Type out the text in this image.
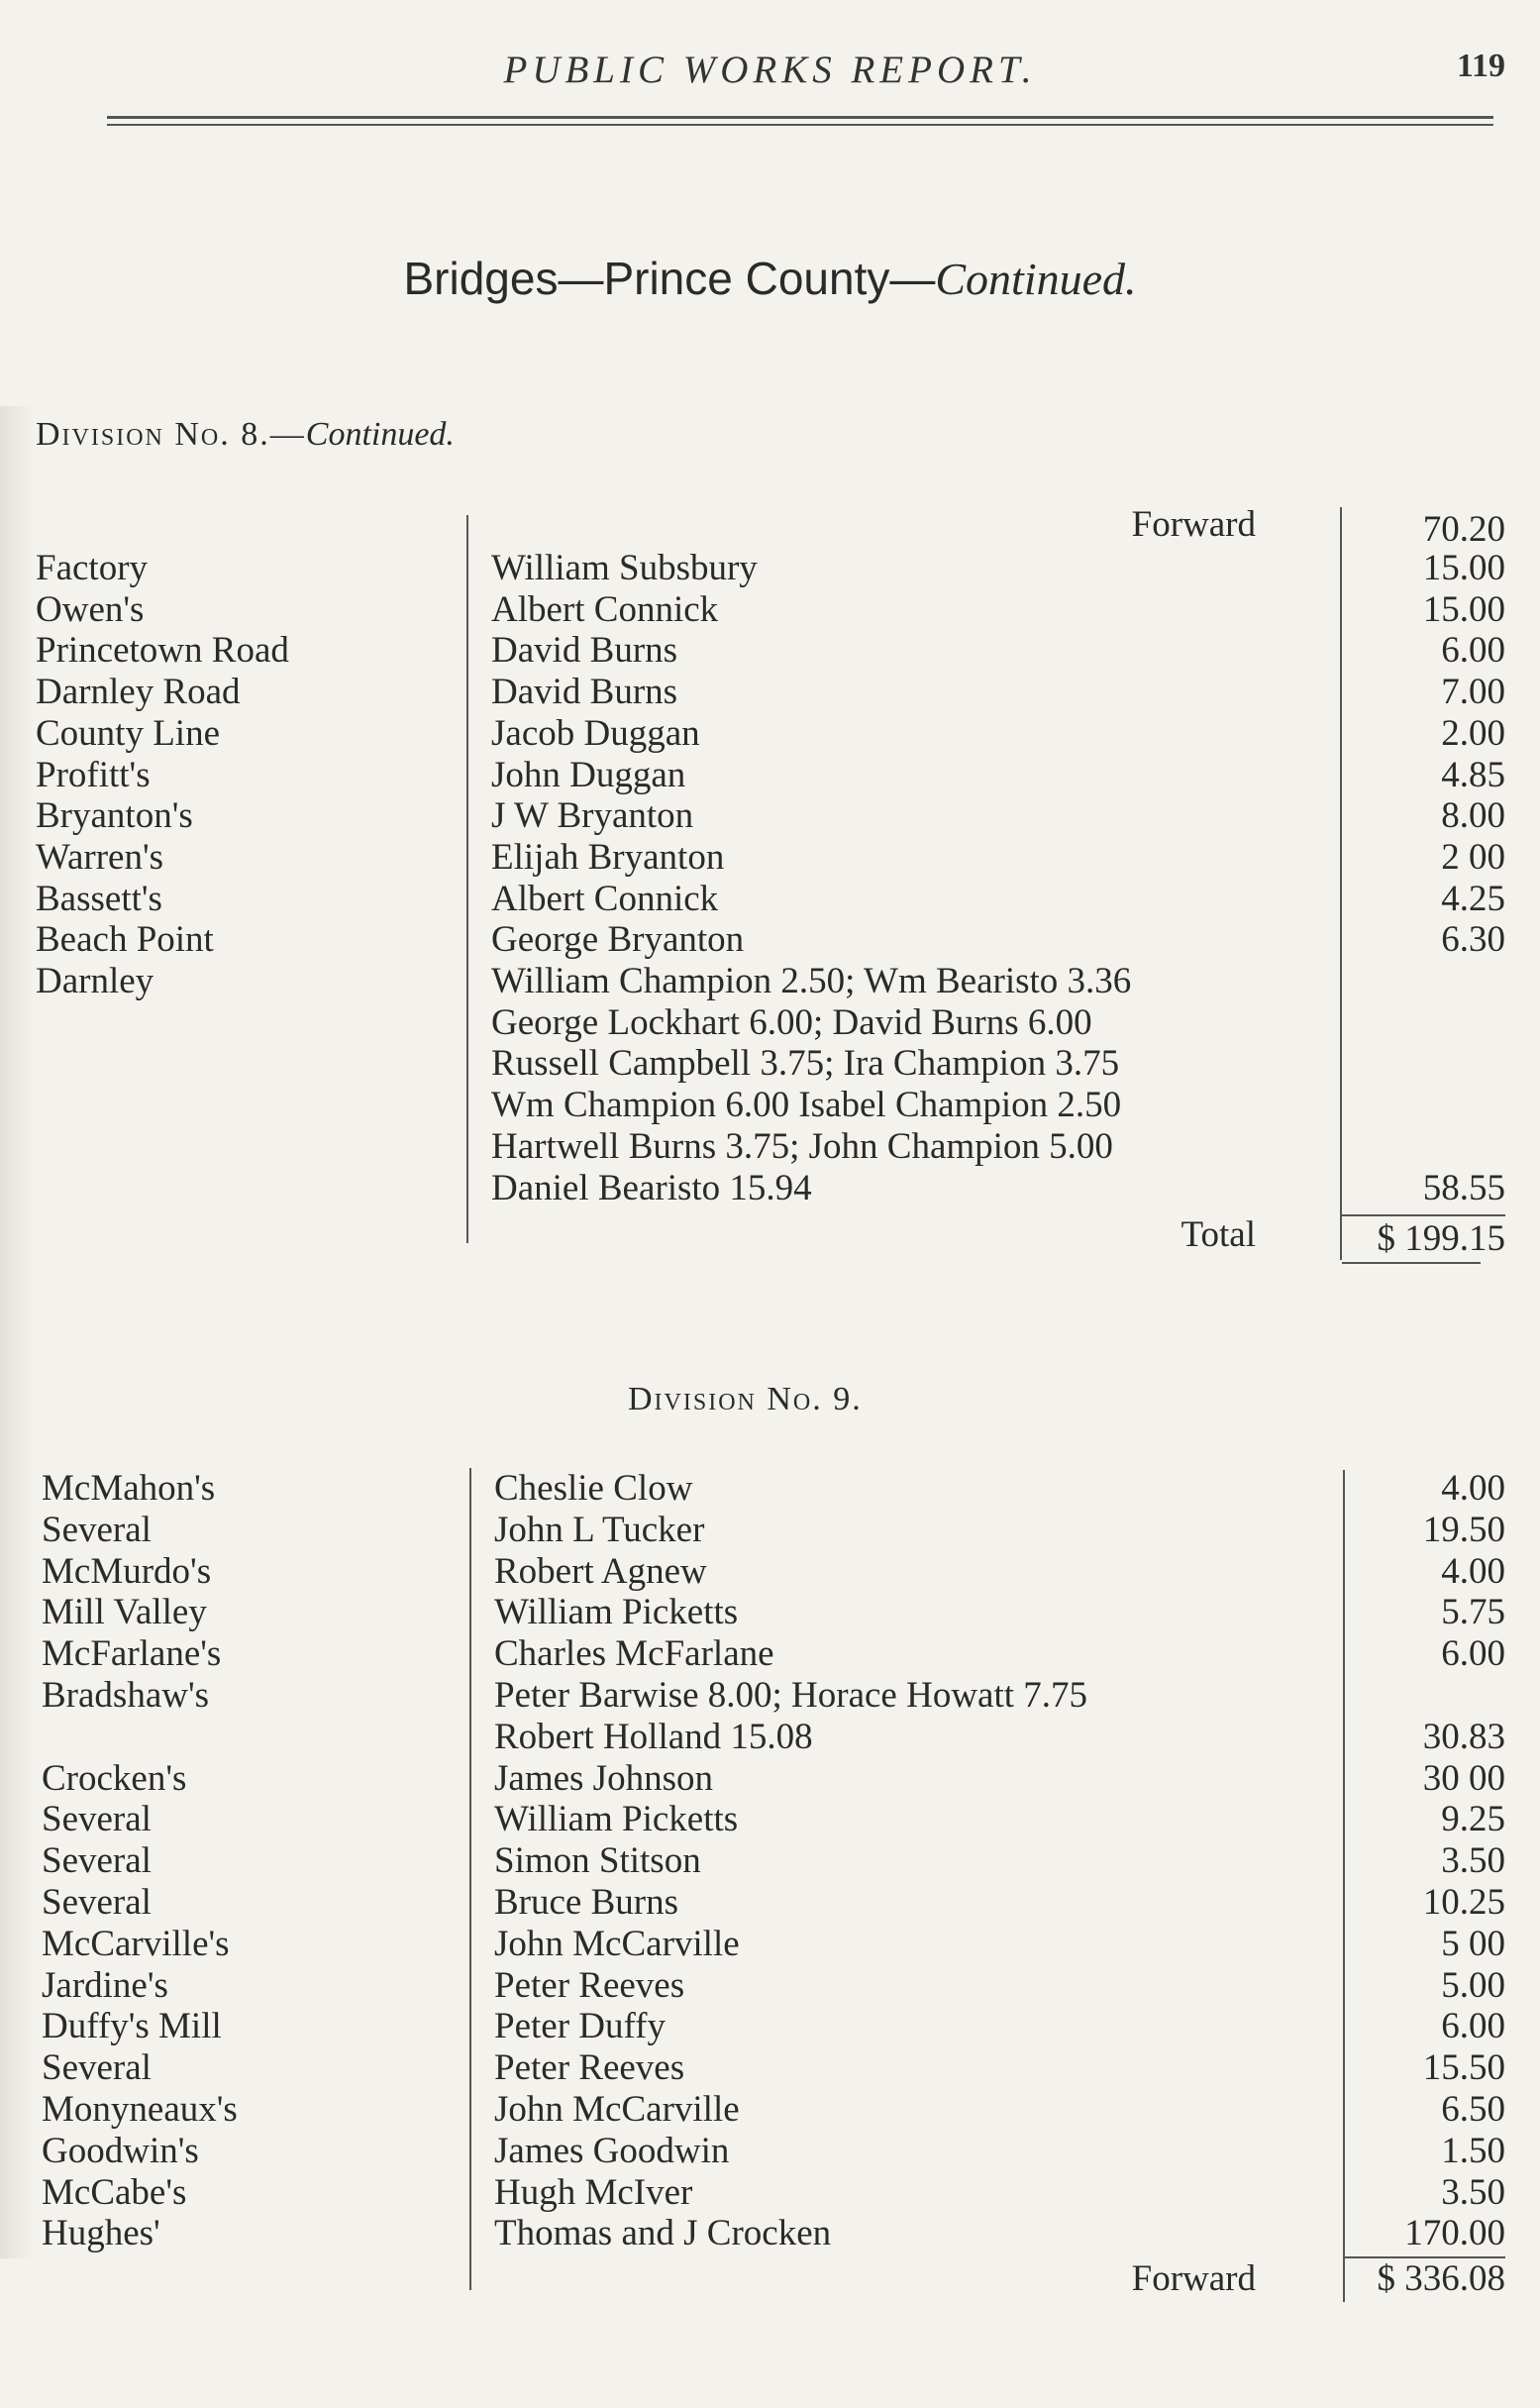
PUBLIC WORKS REPORT.	119
Bridges—Prince County—Continued.
Division No. 8.—Continued.
Forward	70.20
Factory	William Subsbury	15.00
Owen's	Albert Connick	15.00
Princetown Road	David Burns	6.00
Darnley Road	David Burns	7.00
County Line	Jacob Duggan	2.00
Profitt's	John Duggan	4.85
Bryanton's	J W Bryanton	8.00
Warren's	Elijah Bryanton	2 00
Bassett's	Albert Connick	4.25
Beach Point	George Bryanton	6.30
Darnley	William Champion 2.50; Wm Bearisto 3.36
George Lockhart 6.00; David Burns 6.00
Russell Campbell 3.75; Ira Champion 3.75
Wm Champion 6.00 Isabel Champion 2.50
Hartwell Burns 3.75; John Champion 5.00
Daniel Bearisto 15.94	58.55
Total	$ 199.15
Division No. 9.
McMahon's	Cheslie Clow	4.00
Several	John L Tucker	19.50
McMurdo's	Robert Agnew	4.00
Mill Valley	William Picketts	5.75
McFarlane's	Charles McFarlane	6.00
Bradshaw's	Peter Barwise 8.00; Horace Howatt 7.75
Robert Holland 15.08	30.83
Crocken's	James Johnson	30 00
Several	William Picketts	9.25
Several	Simon Stitson	3.50
Several	Bruce Burns	10.25
McCarville's	John McCarville	5 00
Jardine's	Peter Reeves	5.00
Duffy's Mill	Peter Duffy	6.00
Several	Peter Reeves	15.50
Monyneaux's	John McCarville	6.50
Goodwin's	James Goodwin	1.50
McCabe's	Hugh McIver	3.50
Hughes'	Thomas and J Crocken	170.00
Forward	$ 336.08
